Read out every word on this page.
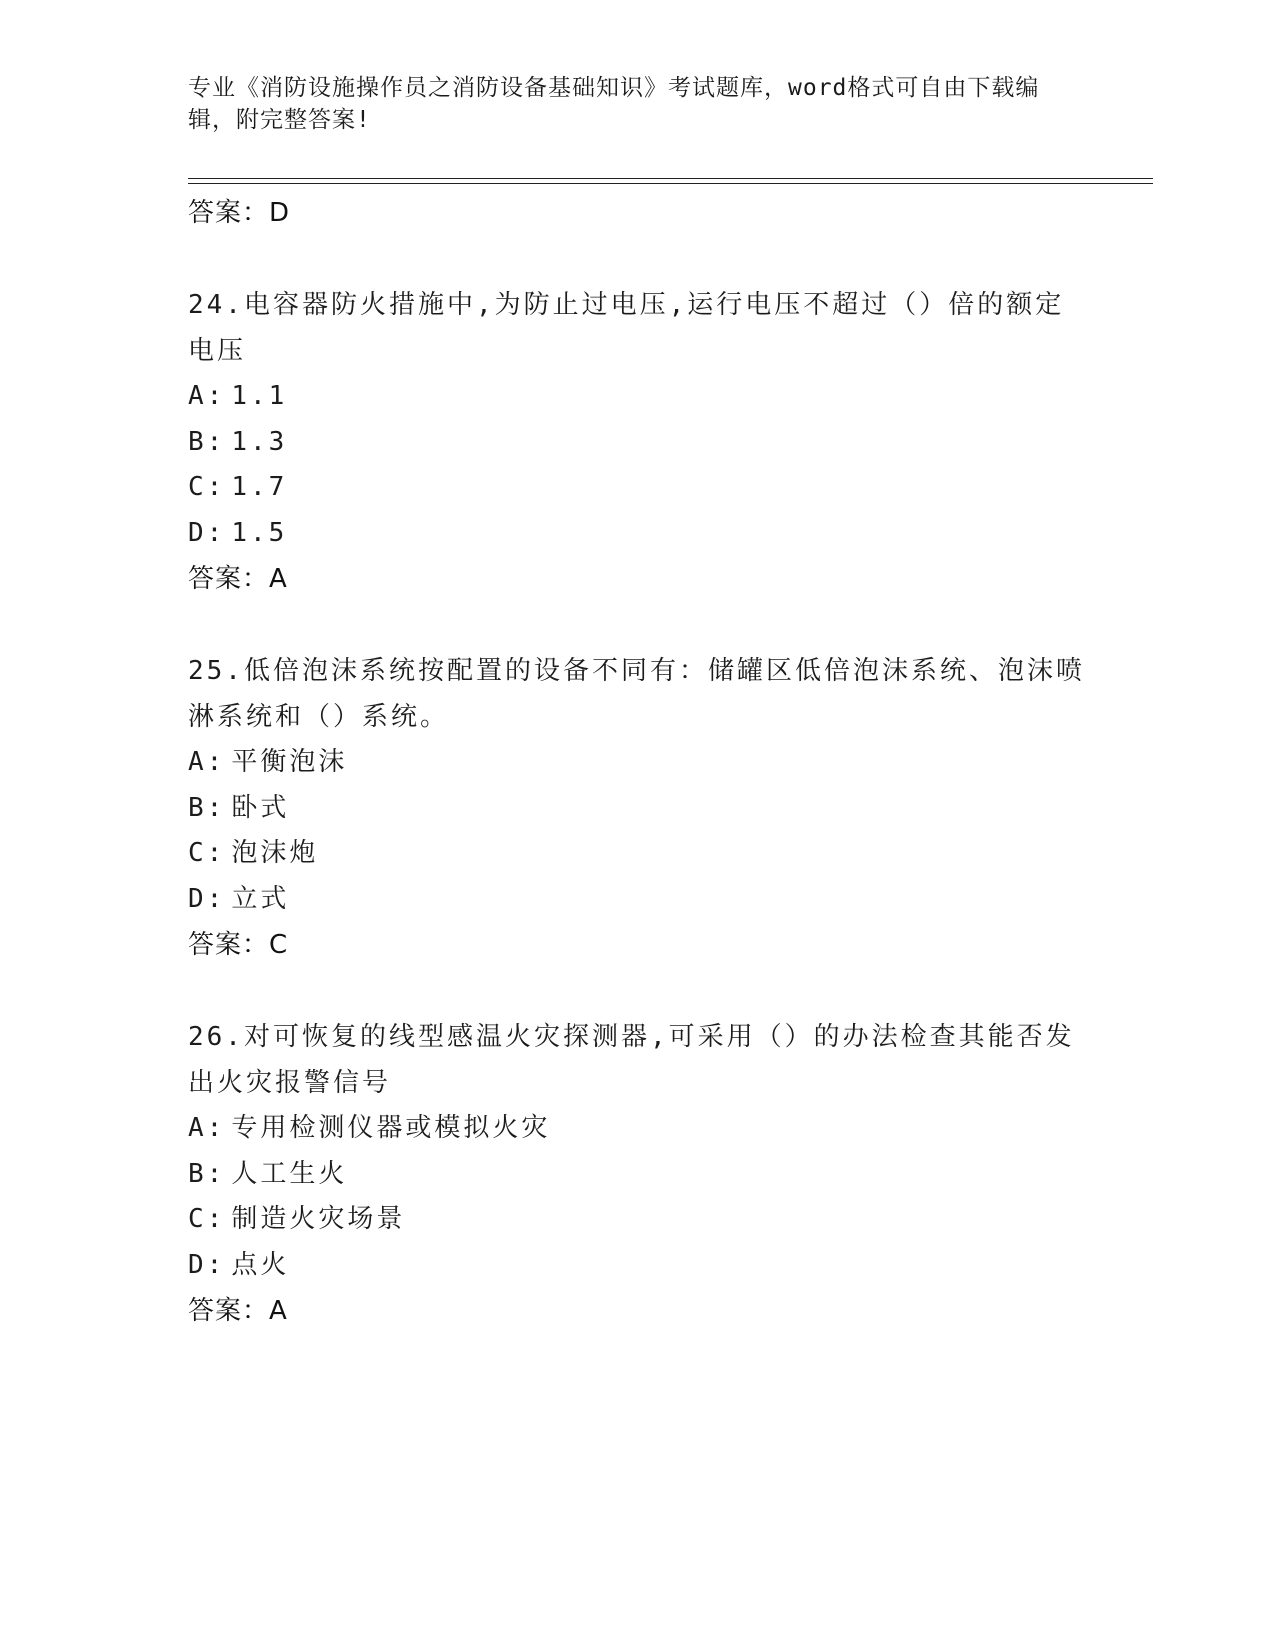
专业《消防设施操作员之消防设备基础知识》考试题库，word格式可自由下载编辑，附完整答案!
答案：D
24.电容器防火措施中,为防止过电压,运行电压不超过（）倍的额定电压
A: 1.1
B: 1.3
C: 1.7
D: 1.5
答案：A
25.低倍泡沫系统按配置的设备不同有：储罐区低倍泡沫系统、泡沫喷淋系统和（）系统。
A: 平衡泡沫
B: 卧式
C: 泡沫炮
D: 立式
答案：C
26.对可恢复的线型感温火灾探测器,可采用（）的办法检查其能否发出火灾报警信号
A: 专用检测仪器或模拟火灾
B: 人工生火
C: 制造火灾场景
D: 点火
答案：A
